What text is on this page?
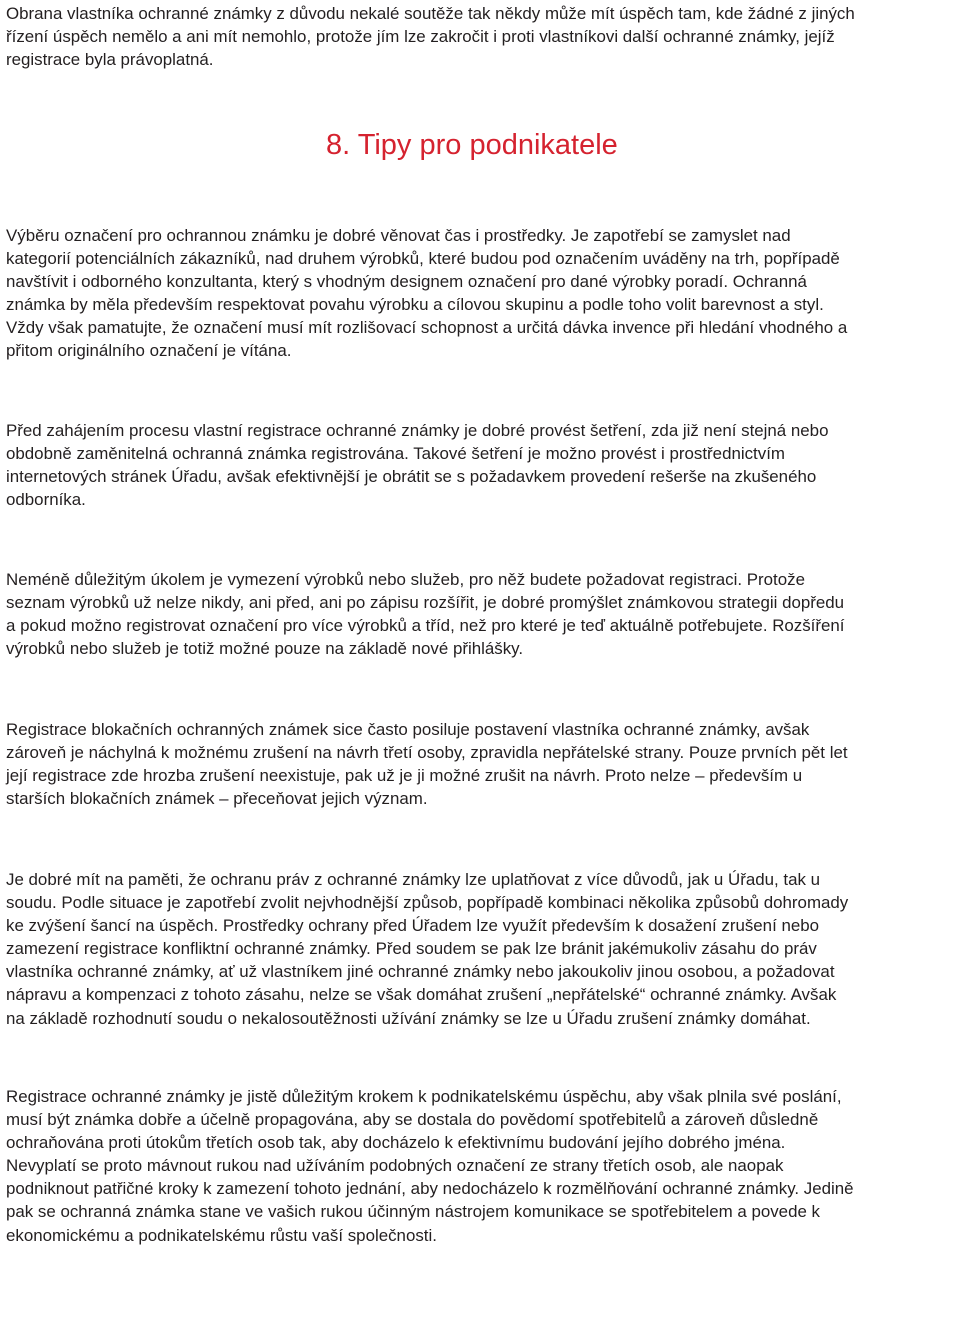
Obrana vlastníka ochranné známky z důvodu nekalé soutěže tak někdy může mít úspěch tam, kde žádné z jiných
řízení úspěch nemělo a ani mít nemohlo, protože jím lze zakročit i proti vlastníkovi další ochranné známky, jejíž
registrace byla právoplatná.

8. Tipy pro podnikatele

Výběru označení pro ochrannou známku je dobré věnovat čas i prostředky. Je zapotřebí se zamyslet nad
kategorií potenciálních zákazníků, nad druhem výrobků, které budou pod označením uváděny na trh, popřípadě
navštívit i odborného konzultanta, který s vhodným designem označení pro dané výrobky poradí. Ochranná
známka by měla především respektovat povahu výrobku a cílovou skupinu a podle toho volit barevnost a styl.
Vždy však pamatujte, že označení musí mít rozlišovací schopnost a určitá dávka invence při hledání vhodného a
přitom originálního označení je vítána.

Před zahájením procesu vlastní registrace ochranné známky je dobré provést šetření, zda již není stejná nebo
obdobně zaměnitelná ochranná známka registrována. Takové šetření je možno provést i prostřednictvím
internetových stránek Úřadu, avšak efektivnější je obrátit se s požadavkem provedení rešerše na zkušeného
odborníka.

Neméně důležitým úkolem je vymezení výrobků nebo služeb, pro něž budete požadovat registraci. Protože
seznam výrobků už nelze nikdy, ani před, ani po zápisu rozšířit, je dobré promýšlet známkovou strategii dopředu
a pokud možno registrovat označení pro více výrobků a tříd, než pro které je teď aktuálně potřebujete. Rozšíření
výrobků nebo služeb je totiž možné pouze na základě nové přihlášky.

Registrace blokačních ochranných známek sice často posiluje postavení vlastníka ochranné známky, avšak
zároveň je náchylná k možnému zrušení na návrh třetí osoby, zpravidla nepřátelské strany. Pouze prvních pět let
její registrace zde hrozba zrušení neexistuje, pak už je ji možné zrušit na návrh. Proto nelze – především u
starších blokačních známek – přeceňovat jejich význam.

Je dobré mít na paměti, že ochranu práv z ochranné známky lze uplatňovat z více důvodů, jak u Úřadu, tak u
soudu. Podle situace je zapotřebí zvolit nejvhodnější způsob, popřípadě kombinaci několika způsobů dohromady
ke zvýšení šancí na úspěch. Prostředky ochrany před Úřadem lze využít především k dosažení zrušení nebo
zamezení registrace konfliktní ochranné známky. Před soudem se pak lze bránit jakémukoliv zásahu do práv
vlastníka ochranné známky, ať už vlastníkem jiné ochranné známky nebo jakoukoliv jinou osobou, a požadovat
nápravu a kompenzaci z tohoto zásahu, nelze se však domáhat zrušení „nepřátelské“ ochranné známky. Avšak
na základě rozhodnutí soudu o nekalosoutěžnosti užívání známky se lze u Úřadu zrušení známky domáhat.

Registrace ochranné známky je jistě důležitým krokem k podnikatelskému úspěchu, aby však plnila své poslání,
musí být známka dobře a účelně propagována, aby se dostala do povědomí spotřebitelů a zároveň důsledně
ochraňována proti útokům třetích osob tak, aby docházelo k efektivnímu budování jejího dobrého jména.
Nevyplatí se proto mávnout rukou nad užíváním podobných označení ze strany třetích osob, ale naopak
podniknout patřičné kroky k zamezení tohoto jednání, aby nedocházelo k rozmělňování ochranné známky. Jedině
pak se ochranná známka stane ve vašich rukou účinným nástrojem komunikace se spotřebitelem a povede k
ekonomickému a podnikatelskému růstu vaší společnosti.
